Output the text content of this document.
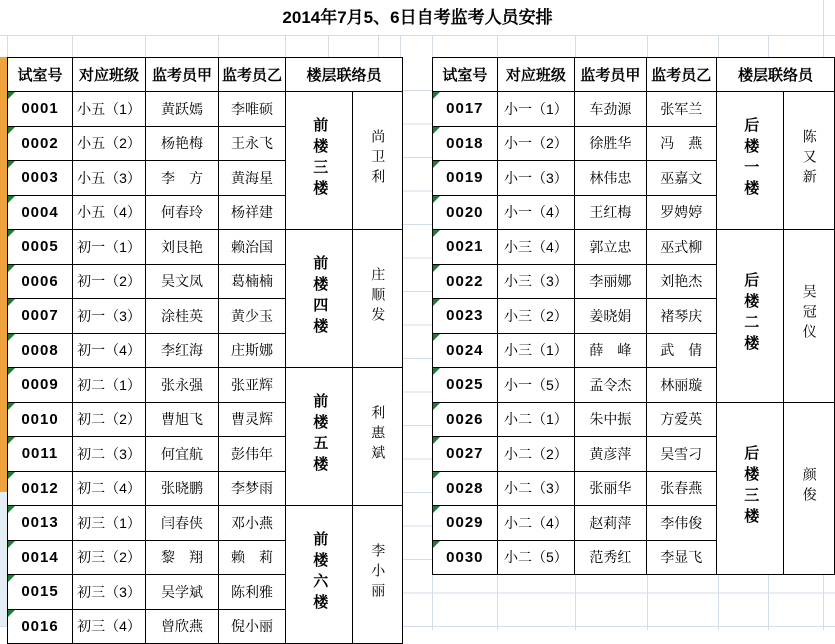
2014年7月5、6日自考监考人员安排
试室号	对应班级	监考员甲	监考员乙	楼层联络员	

0001	小五（1）	黄跃嫣	李唯硕	前楼三楼	尚卫利

0002	小五（2）	杨艳梅	王永飞		

0003	小五（3）	李　方	黄海星		

0004	小五（4）	何春玲	杨祥建		

0005	初一（1）	刘艮艳	赖治国	前楼四楼	庄顺发

0006	初一（2）	吴文凤	葛楠楠		

0007	初一（3）	涂桂英	黄少玉		

0008	初一（4）	李红海	庄斯娜		

0009	初二（1）	张永强	张亚辉	前楼五楼	利惠斌

0010	初二（2）	曹旭飞	曹灵辉		

0011	初二（3）	何宜航	彭伟年		

0012	初二（4）	张晓鹏	李梦雨		

0013	初三（1）	闫春侠	邓小燕	前楼六楼	李小丽

0014	初三（2）	黎　翔	赖　莉		

0015	初三（3）	吴学斌	陈利雅		

0016	初三（4）	曾欣燕	倪小丽		
试室号	对应班级	监考员甲	监考员乙	楼层联络员	

0017	小一（1）	车劲源	张军兰	后楼一楼	陈又新

0018	小一（2）	徐胜华	冯　燕		

0019	小一（3）	林伟忠	巫嘉文		

0020	小一（4）	王红梅	罗娉婷		

0021	小三（4）	郭立忠	巫式柳	后楼二楼	吴冠仪

0022	小三（3）	李丽娜	刘艳杰		

0023	小三（2）	姜晓娟	褚琴庆		

0024	小三（1）	薛　峰	武　倩		

0025	小一（5）	孟令杰	林丽璇		

0026	小二（1）	朱中振	方爱英	后楼三楼	颜俊

0027	小二（2）	黄彦萍	吴雪刁		

0028	小二（3）	张丽华	张春燕		

0029	小二（4）	赵莉萍	李伟俊		

0030	小二（5）	范秀红	李显飞		
